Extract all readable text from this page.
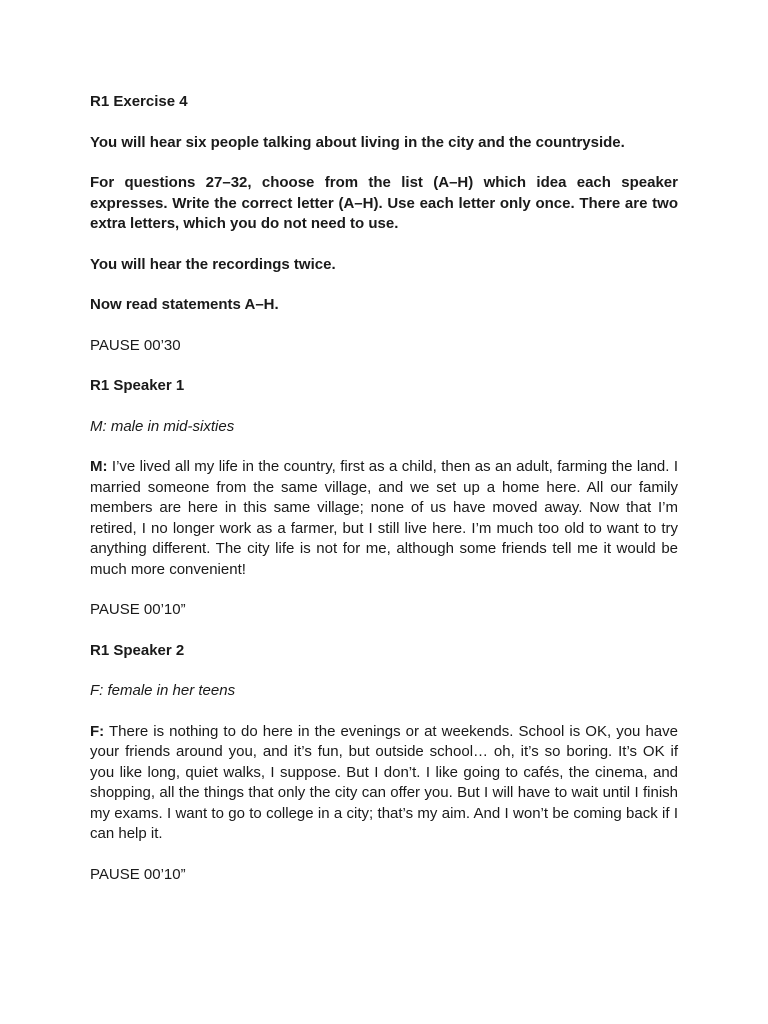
R1 Exercise 4

You will hear six people talking about living in the city and the countryside.

For questions 27–32, choose from the list (A–H) which idea each speaker expresses. Write the correct letter (A–H). Use each letter only once. There are two extra letters, which you do not need to use.

You will hear the recordings twice.

Now read statements A–H.

PAUSE 00’30

R1 Speaker 1

M: male in mid-sixties

M: I’ve lived all my life in the country, first as a child, then as an adult, farming the land. I married someone from the same village, and we set up a home here. All our family members are here in this same village; none of us have moved away. Now that I’m retired, I no longer work as a farmer, but I still live here. I’m much too old to want to try anything different. The city life is not for me, although some friends tell me it would be much more convenient!

PAUSE 00’10”

R1 Speaker 2

F: female in her teens

F: There is nothing to do here in the evenings or at weekends. School is OK, you have your friends around you, and it’s fun, but outside school… oh, it’s so boring. It’s OK if you like long, quiet walks, I suppose. But I don’t. I like going to cafés, the cinema, and shopping, all the things that only the city can offer you. But I will have to wait until I finish my exams. I want to go to college in a city; that’s my aim. And I won’t be coming back if I can help it.

PAUSE 00’10”
